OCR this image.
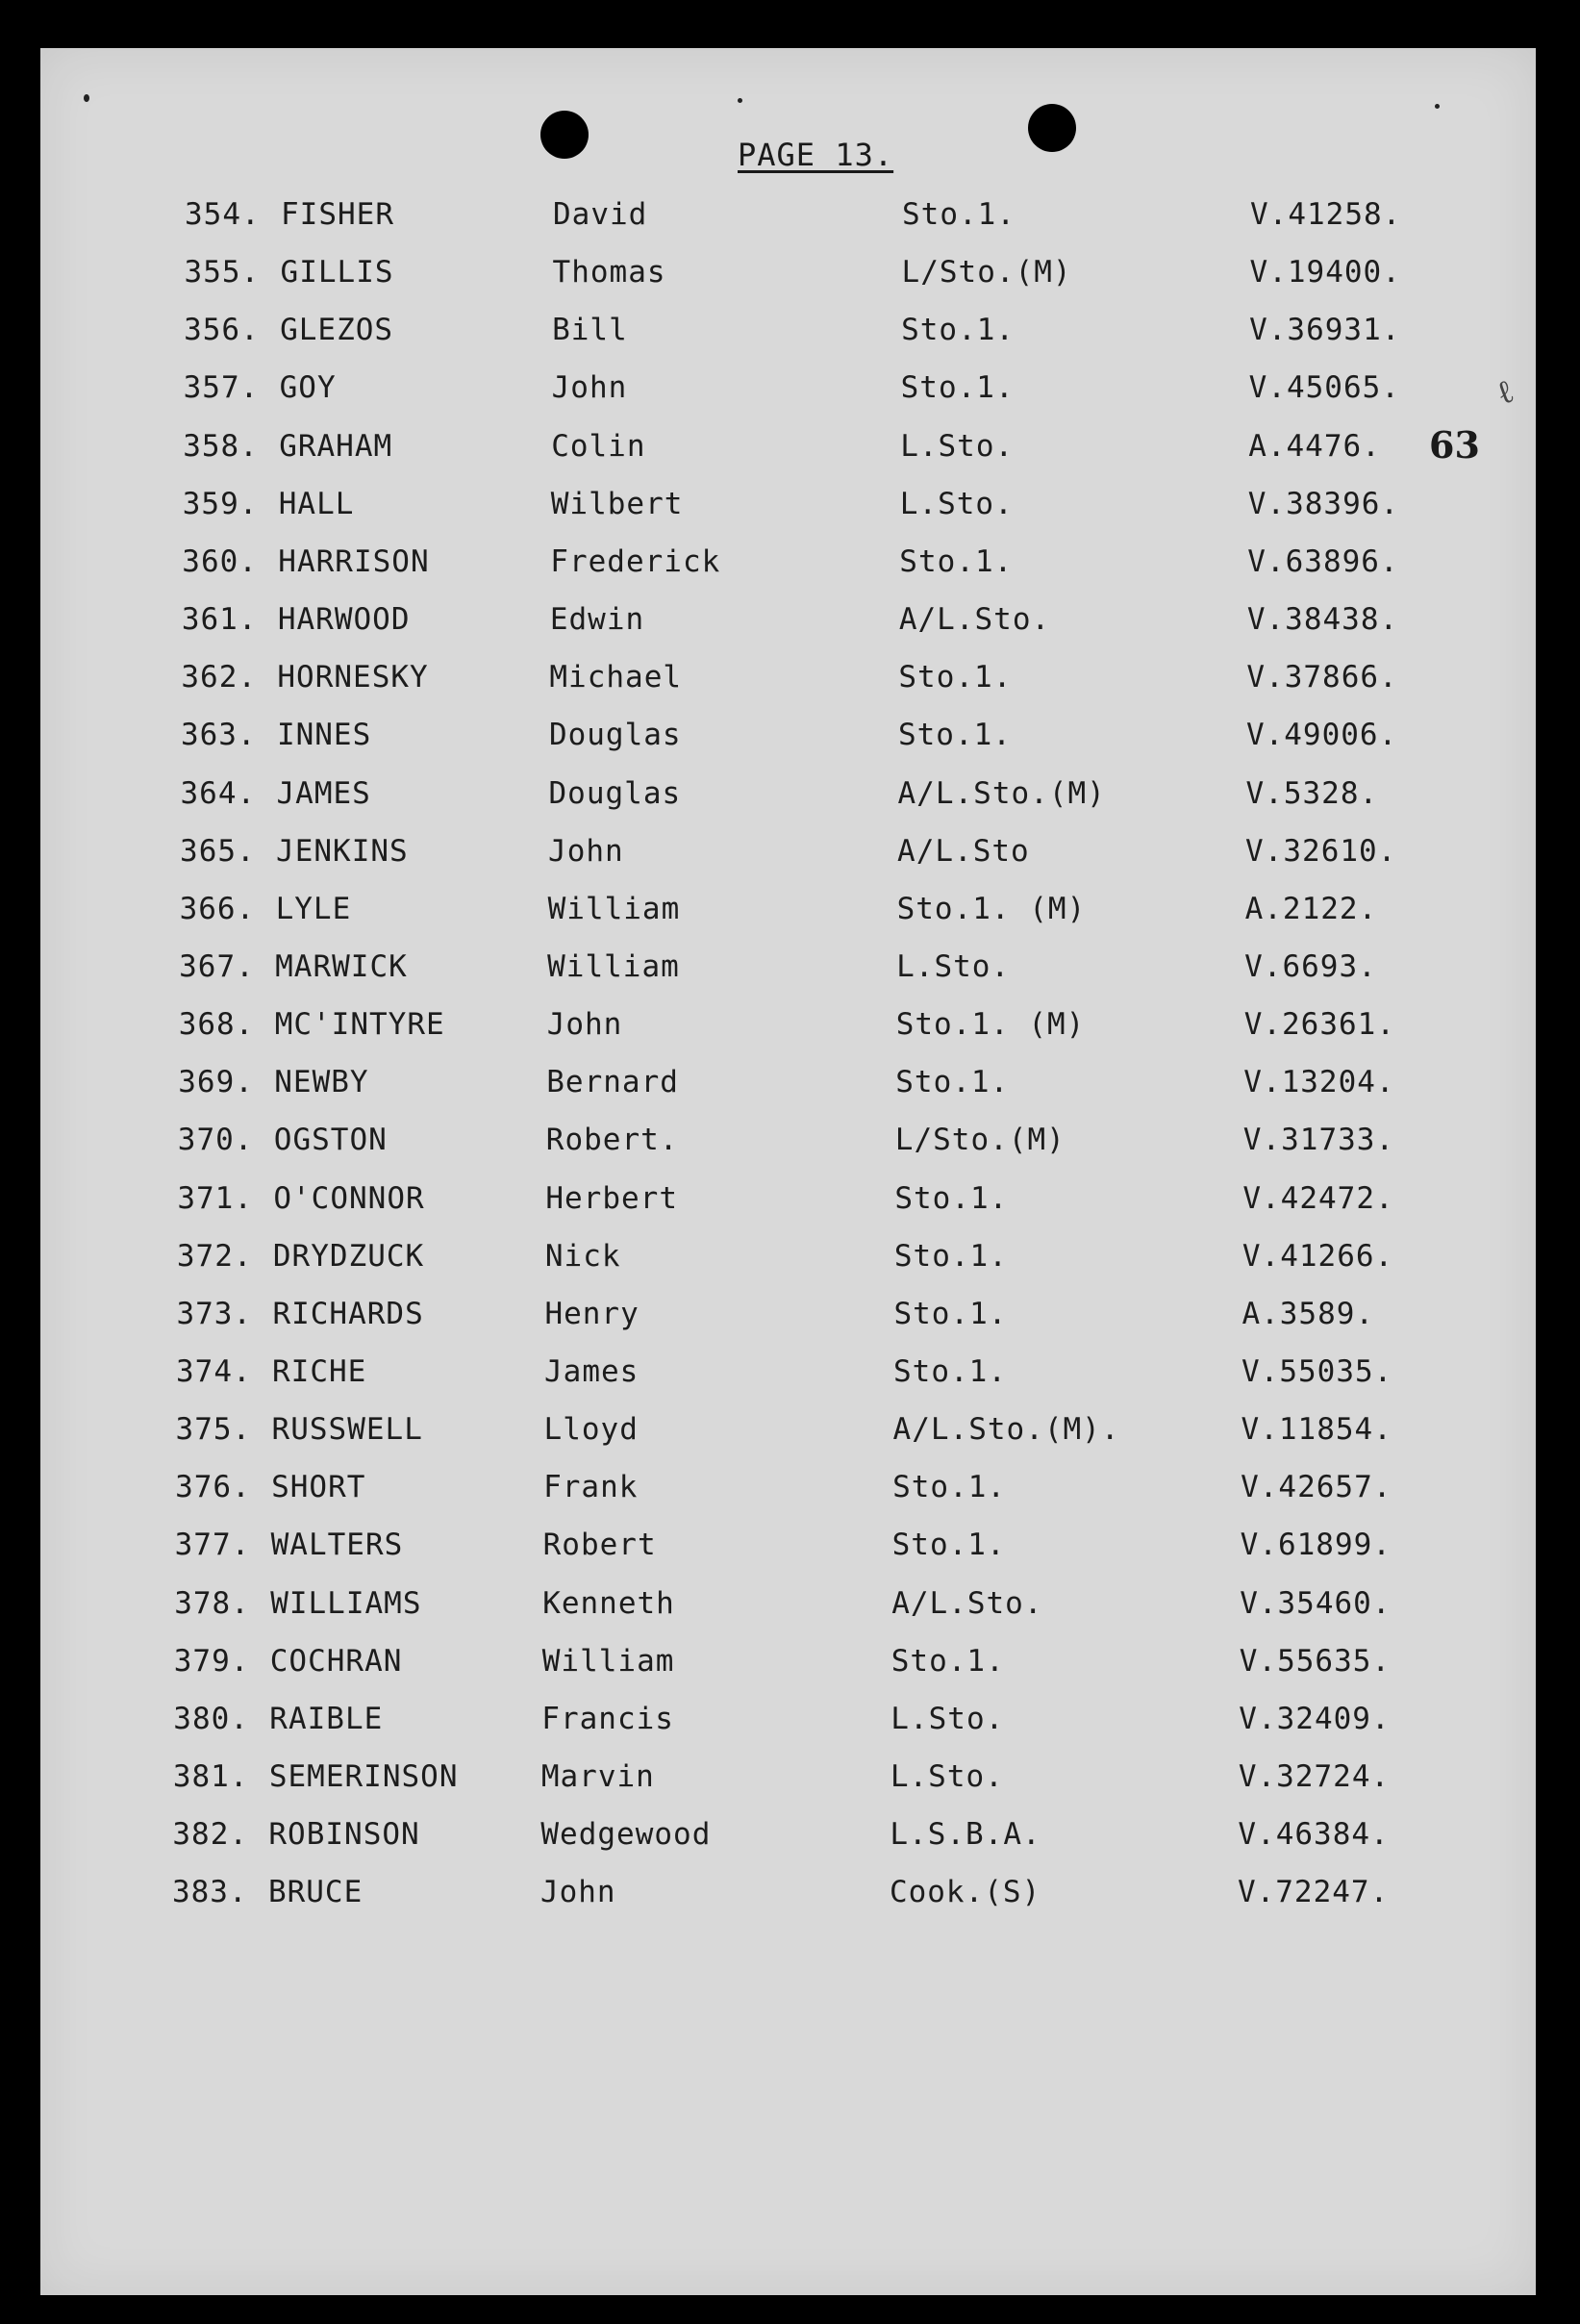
PAGE 13.
63
ℓ
354. FISHER	David	Sto.1.	V.41258.
355. GILLIS	Thomas	L/Sto.(M)	V.19400.
356. GLEZOS	Bill	Sto.1.	V.36931.
357. GOY	John	Sto.1.	V.45065.
358. GRAHAM	Colin	L.Sto.	A.4476.
359. HALL	Wilbert	L.Sto.	V.38396.
360. HARRISON	Frederick	Sto.1.	V.63896.
361. HARWOOD	Edwin	A/L.Sto.	V.38438.
362. HORNESKY	Michael	Sto.1.	V.37866.
363. INNES	Douglas	Sto.1.	V.49006.
364. JAMES	Douglas	A/L.Sto.(M)	V.5328.
365. JENKINS	John	A/L.Sto	V.32610.
366. LYLE	William	Sto.1. (M)	A.2122.
367. MARWICK	William	L.Sto.	V.6693.
368. MC'INTYRE	John	Sto.1. (M)	V.26361.
369. NEWBY	Bernard	Sto.1.	V.13204.
370. OGSTON	Robert.	L/Sto.(M)	V.31733.
371. O'CONNOR	Herbert	Sto.1.	V.42472.
372. DRYDZUCK	Nick	Sto.1.	V.41266.
373. RICHARDS	Henry	Sto.1.	A.3589.
374. RICHE	James	Sto.1.	V.55035.
375. RUSSWELL	Lloyd	A/L.Sto.(M).	V.11854.
376. SHORT	Frank	Sto.1.	V.42657.
377. WALTERS	Robert	Sto.1.	V.61899.
378. WILLIAMS	Kenneth	A/L.Sto.	V.35460.
379. COCHRAN	William	Sto.1.	V.55635.
380. RAIBLE	Francis	L.Sto.	V.32409.
381. SEMERINSON	Marvin	L.Sto.	V.32724.
382. ROBINSON	Wedgewood	L.S.B.A.	V.46384.
383. BRUCE	John	Cook.(S)	V.72247.
